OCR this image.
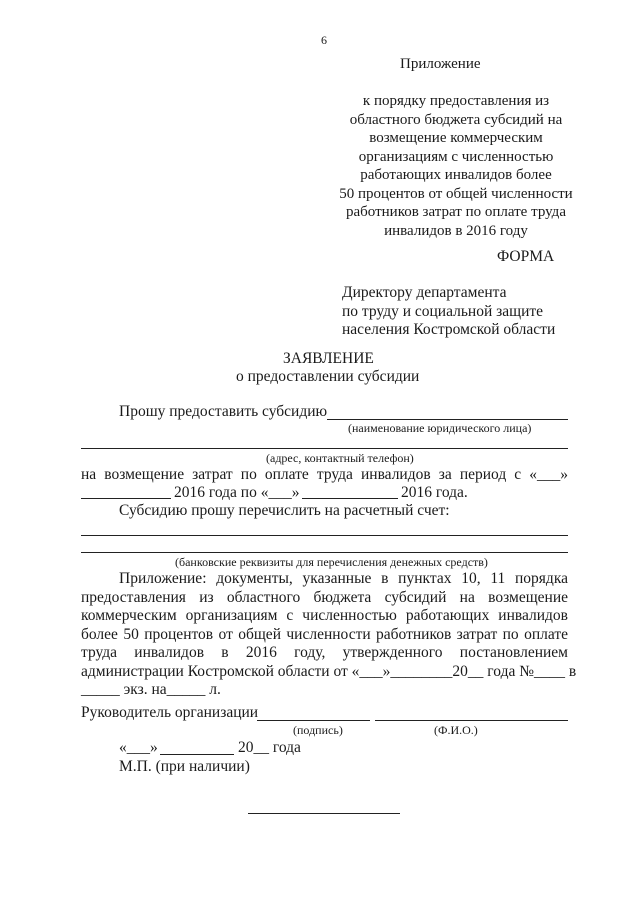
6
Приложение
к порядку предоставления из
областного бюджета субсидий на
возмещение коммерческим
организациям с численностью
работающих инвалидов более
50 процентов от общей численности
работников затрат по оплате труда
инвалидов в 2016 году
ФОРМА
Директору департамента
по труду и социальной защите
населения Костромской области
ЗАЯВЛЕНИЕ
о предоставлении субсидии
Прошу предоставить субсидию
(наименование юридического лица)
(адрес, контактный телефон)
на возмещение затрат по оплате труда инвалидов за период с «___»
2016 года по «___»	2016 года.
Субсидию прошу перечислить на расчетный счет:
(банковские реквизиты для перечисления денежных средств)
Приложение: документы, указанные в пунктах 10, 11 порядка
предоставления из областного бюджета субсидий на возмещение
коммерческим организациям с численностью работающих инвалидов
более 50 процентов от общей численности работников затрат по оплате
труда инвалидов в 2016 году, утвержденного постановлением
администрации Костромской области от «___»________20__ года №____ в
_____ экз. на_____ л.
Руководитель организации
(подпись)	(Ф.И.О.)
«___»	20__ года
М.П. (при наличии)
